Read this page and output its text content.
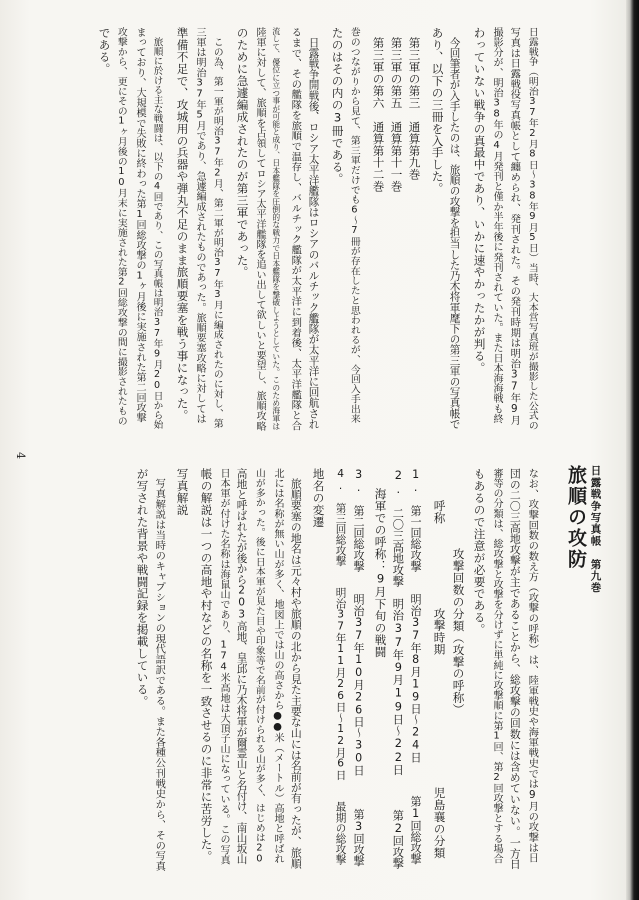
日露戦争写真帳　第九巻
旅順の攻防
日露戦争（明治37年2月8日〜38年9月5日）当時、大本営写真班が撮影した公式の
写真は日露戦役写真帳として纏められ、発刊された。その発刊時期は明治37年9月
撮影分が、明治38年の4月発刊と僅か半年後に発刊されていた。また日本海海戦も終
わっていない戦争の真最中であり、いかに速やかったかが判る。
今回筆者が入手したのは、旅順の攻撃を担当した乃木将軍麾下の第三軍の写真帳で
あり、以下の三冊を入手した。
第三軍の第三　通算第九巻
第三軍の第五　通算第十一巻
第三軍の第六　通算第十二巻
巻のつながりから見て、第三軍だけでも6〜7冊が存在したと思われるが、今回入手出来
たのはその内の3冊である。
日露戦争開戦後、ロシア太平洋艦隊はロシアのバルチック艦隊が太平洋に回航され
るまで、その艦隊を旅順で温存し、バルチック艦隊が太平洋に到着後、太平洋艦隊と合
流して、優位に立つ事が可能と成り、日本艦隊を圧倒的な戦力で日本艦隊を撃破しようとしていた。このため海軍は
陸軍に対して、旅順を占領してロシア太平洋艦隊を追い出して欲しいと要望し、旅順攻略
のために急遽編成されたのが第三軍であった。
この為、第一軍が明治37年2月、第二軍が明治37年3月に編成されたのに対し、第
三軍は明治37年5月であり、急遽編成されたものであった。旅順要塞攻略に対しては
準備不足で、攻城用の兵器や弾丸不足のまま旅順要塞を戦う事になった。
旅順に於ける主な戦闘は、以下の4回であり、この写真帳は明治37年9月20日から始
まっており、大規模で失敗に終わった第1回総攻撃の1ヶ月後に実施された第二回攻撃
攻撃から、更にその1ヶ月後の10月末に実施された第2回総攻撃の間に撮影されたもの
である。
なお、攻撃回数の数え方（攻撃の呼称）は、陸軍戦史や海軍戦史では9月の攻撃は日
団の二〇三高地攻撃が主であることから、総攻撃の回数には含めていない。一方日
審等の分類は、総攻撃と攻撃を分けずに単純に攻撃順に第1回、第2回攻撃とする場合
もあるので注意が必要である。
攻撃回数の分類（攻撃の呼称）
呼称　　　　　　　攻撃時期　　　　　　　　　　　児島襄の分類
1.　第一回総攻撃　　明治37年8月19日〜24日　　　第1回総攻撃
2.　二〇三高地攻撃　明治37年9月19日〜22日　　　第2回攻撃
海軍での呼称：9月下旬の戦闘
3.　第二回総攻撃　　明治37年10月26日〜30日　　　第3回攻撃
4.　第三回総攻撃　　明治37年11月26日〜12月6日　　最期の総攻撃
地名の変遷
旅順要塞の地名は元々村や旅順の北から見た主要な山には名前が有ったが、旅順
北には名称が無い山が多く、地図上では山の高さから●●米（メートル）高地と呼ばれ
山が多かった。後に日本軍が見た目や印象等で名前が付けられる山が多く、はじめは20
高地と呼ばれたが後から203高地、皇邱に乃木将軍が爾霊山と名付け、南山坂山
日本軍が付けた名称は海鼠山であり、174米高地は大頂子山になっている。この写真
帳の解説は一つの高地や村などの名称を一致させるのに非常に苦労した。
写真解説
写真解説は当時のキャプションの現代語訳である。また各種公刊戦史から、その写真
が写された背景や戦闘記録を掲載している。
4
